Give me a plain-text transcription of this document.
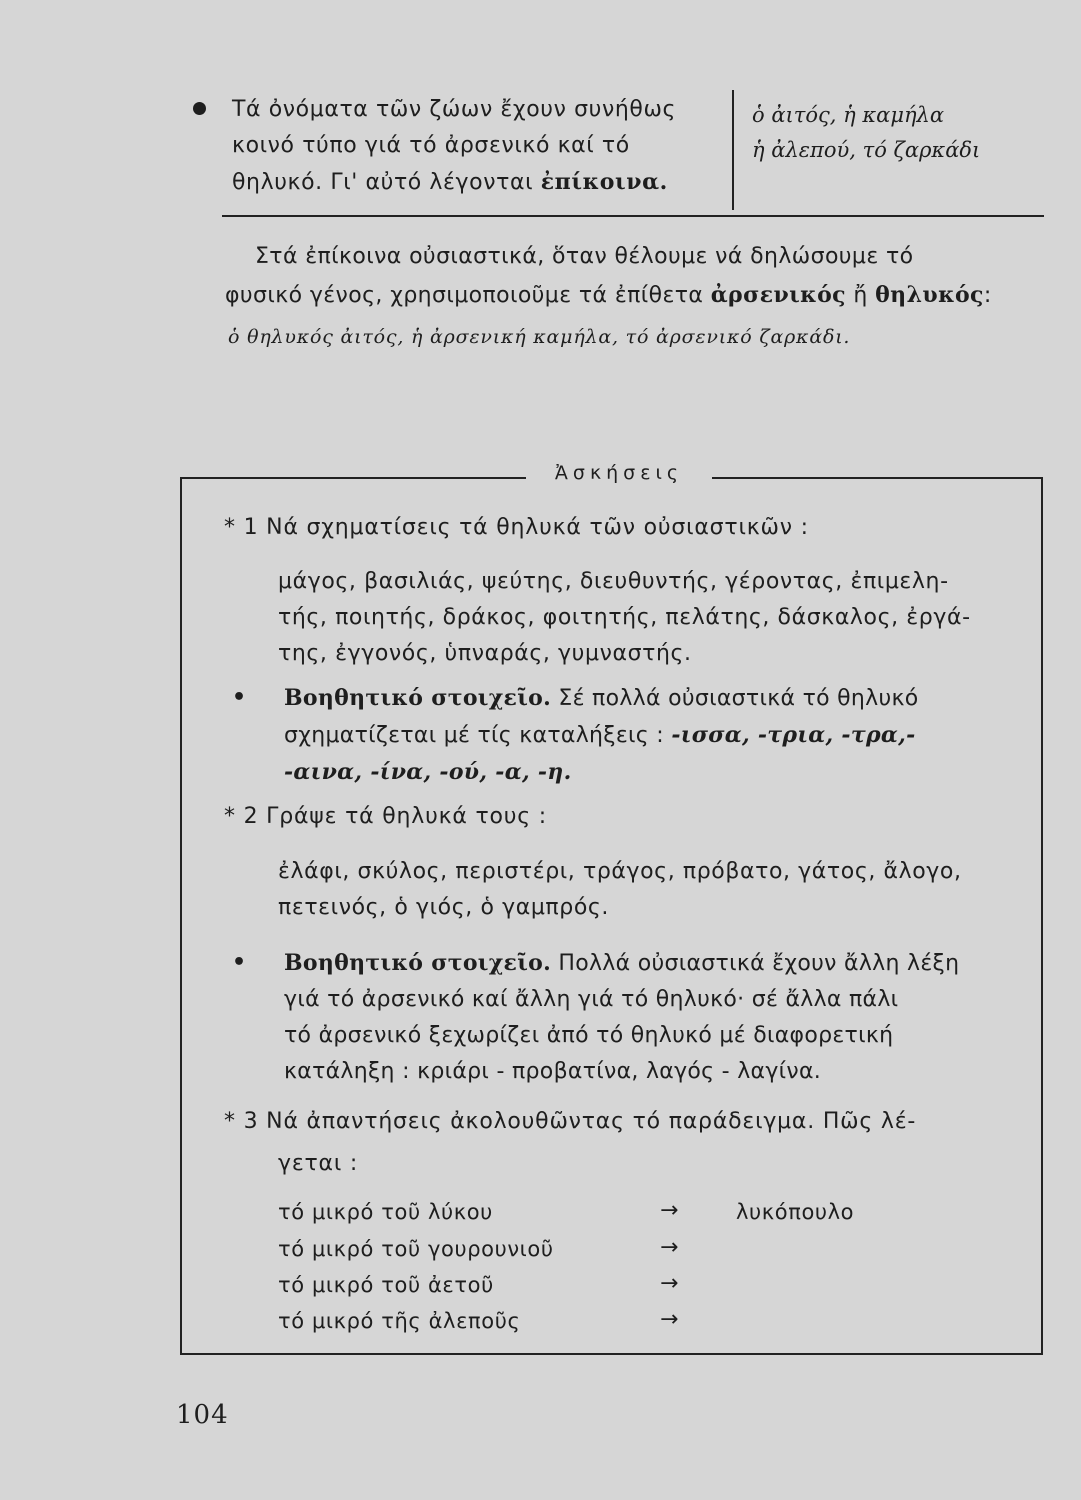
Τά ὀνόματα τῶν ζώων ἔχουν συνήθως
κοινό τύπο γιά τό ἀρσενικό καί τό
θηλυκό. Γι' αὐτό λέγονται ἐπίκοινα.
ὁ ἀιτός, ἡ καμήλα
ἡ ἀλεπού, τό ζαρκάδι
Στά ἐπίκοινα οὐσιαστικά, ὅταν θέλουμε νά δηλώσουμε τό
φυσικό γένος, χρησιμοποιοῦμε τά ἐπίθετα ἀρσενικός ἤ θηλυκός:
ὁ θηλυκός ἀιτός, ἡ ἀρσενική καμήλα, τό ἀρσενικό ζαρκάδι.
Ἀσκήσεις
* 1 Νά σχηματίσεις τά θηλυκά τῶν οὐσιαστικῶν :
μάγος, βασιλιάς, ψεύτης, διευθυντής, γέροντας, ἐπιμελη-
τής, ποιητής, δράκος, φοιτητής, πελάτης, δάσκαλος, ἐργά-
της, ἐγγονός, ὑπναράς, γυμναστής.
• Βοηθητικό στοιχεῖο. Σέ πολλά οὐσιαστικά τό θηλυκό
σχηματίζεται μέ τίς καταλήξεις : -ισσα, -τρια, -τρα,-
-αινα, -ίνα, -ού, -α, -η.
* 2 Γράψε τά θηλυκά τους :
ἐλάφι, σκύλος, περιστέρι, τράγος, πρόβατο, γάτος, ἄλογο,
πετεινός, ὁ γιός, ὁ γαμπρός.
• Βοηθητικό στοιχεῖο. Πολλά οὐσιαστικά ἔχουν ἄλλη λέξη
γιά τό ἀρσενικό καί ἄλλη γιά τό θηλυκό· σέ ἄλλα πάλι
τό ἀρσενικό ξεχωρίζει ἀπό τό θηλυκό μέ διαφορετική
κατάληξη : κριάρι - προβατίνα, λαγός - λαγίνα.
* 3 Νά ἀπαντήσεις ἀκολουθῶντας τό παράδειγμα. Πῶς λέ-
γεται :
τό μικρό τοῦ λύκου	→	λυκόπουλο
τό μικρό τοῦ γουρουνιοῦ	→
τό μικρό τοῦ ἀετοῦ	→
τό μικρό τῆς ἀλεποῦς	→
104
